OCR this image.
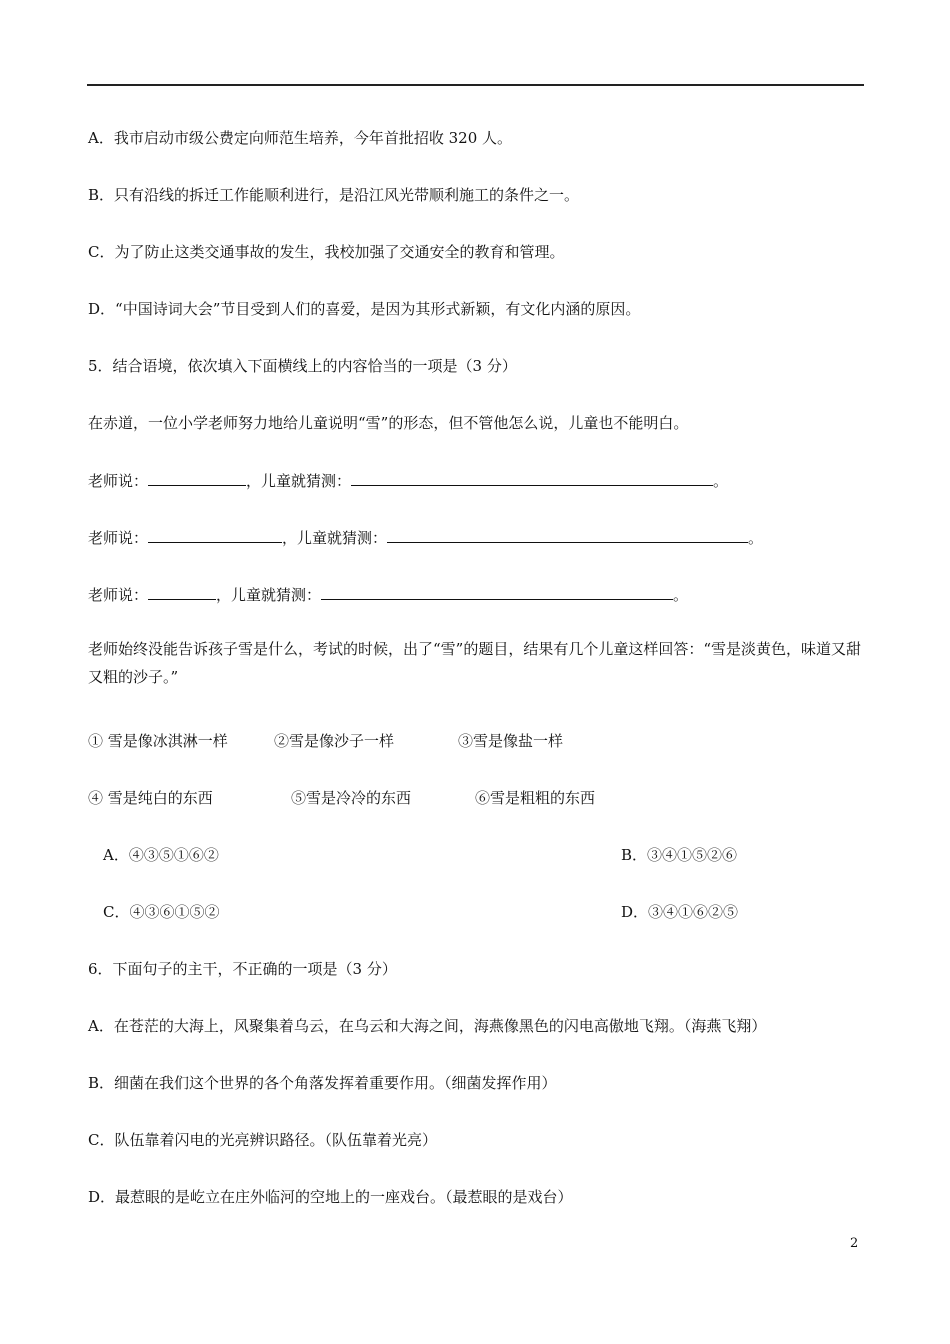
A．我市启动市级公费定向师范生培养，今年首批招收 320 人。
B．只有沿线的拆迁工作能顺利进行，是沿江风光带顺利施工的条件之一。
C．为了防止这类交通事故的发生，我校加强了交通安全的教育和管理。
D．“中国诗词大会”节目受到人们的喜爱，是因为其形式新颖，有文化内涵的原因。
5．结合语境，依次填入下面横线上的内容恰当的一项是（3 分）
在赤道，一位小学老师努力地给儿童说明“雪”的形态，但不管他怎么说，儿童也不能明白。
老师说：	，儿童就猜测：	。
老师说：	，儿童就猜测：	。
老师说：	，儿童就猜测：	。
老师始终没能告诉孩子雪是什么，考试的时候，出了“雪”的题目，结果有几个儿童这样回答：“雪是淡黄色，味道又甜又粗的沙子。”
① 雪是像冰淇淋一样	②雪是像沙子一样	③雪是像盐一样
④ 雪是纯白的东西	⑤雪是冷冷的东西	⑥雪是粗粗的东西
A．④③⑤①⑥②	B．③④①⑤②⑥
C．④③⑥①⑤②	D．③④①⑥②⑤
6．下面句子的主干，不正确的一项是（3 分）
A．在苍茫的大海上，风聚集着乌云，在乌云和大海之间，海燕像黑色的闪电高傲地飞翔。（海燕飞翔）
B．细菌在我们这个世界的各个角落发挥着重要作用。（细菌发挥作用）
C．队伍靠着闪电的光亮辨识路径。（队伍靠着光亮）
D．最惹眼的是屹立在庄外临河的空地上的一座戏台。（最惹眼的是戏台）
2
